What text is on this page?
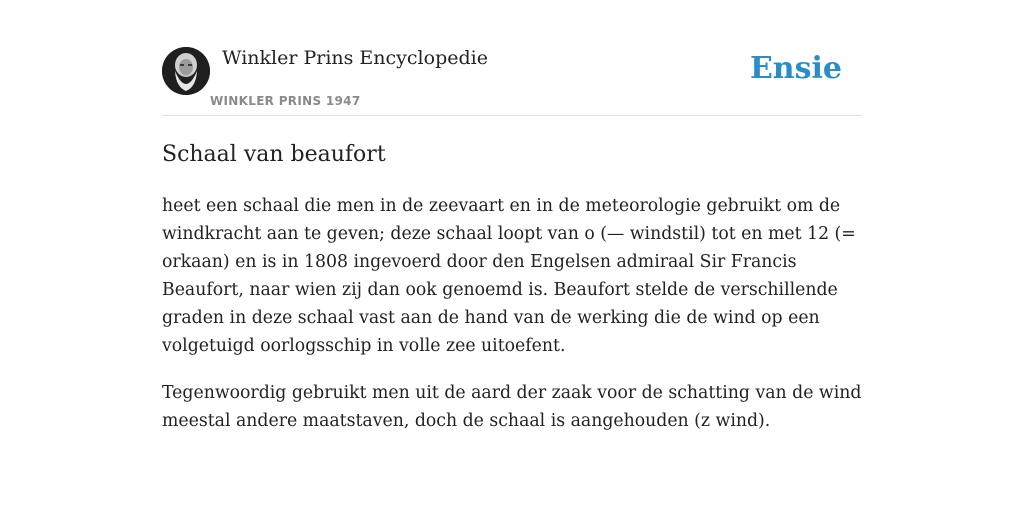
Winkler Prins Encyclopedie
WINKLER PRINS 1947
Ensie
Schaal van beaufort

heet een schaal die men in de zeevaart en in de meteorologie gebruikt om de windkracht aan te geven; deze schaal loopt van o (— windstil) tot en met 12 (= orkaan) en is in 1808 ingevoerd door den Engelsen admiraal Sir Francis Beaufort, naar wien zij dan ook genoemd is. Beaufort stelde de verschillende graden in deze schaal vast aan de hand van de werking die de wind op een volgetuigd oorlogsschip in volle zee uitoefent.

Tegenwoordig gebruikt men uit de aard der zaak voor de schatting van de wind meestal andere maatstaven, doch de schaal is aangehouden (z wind).
